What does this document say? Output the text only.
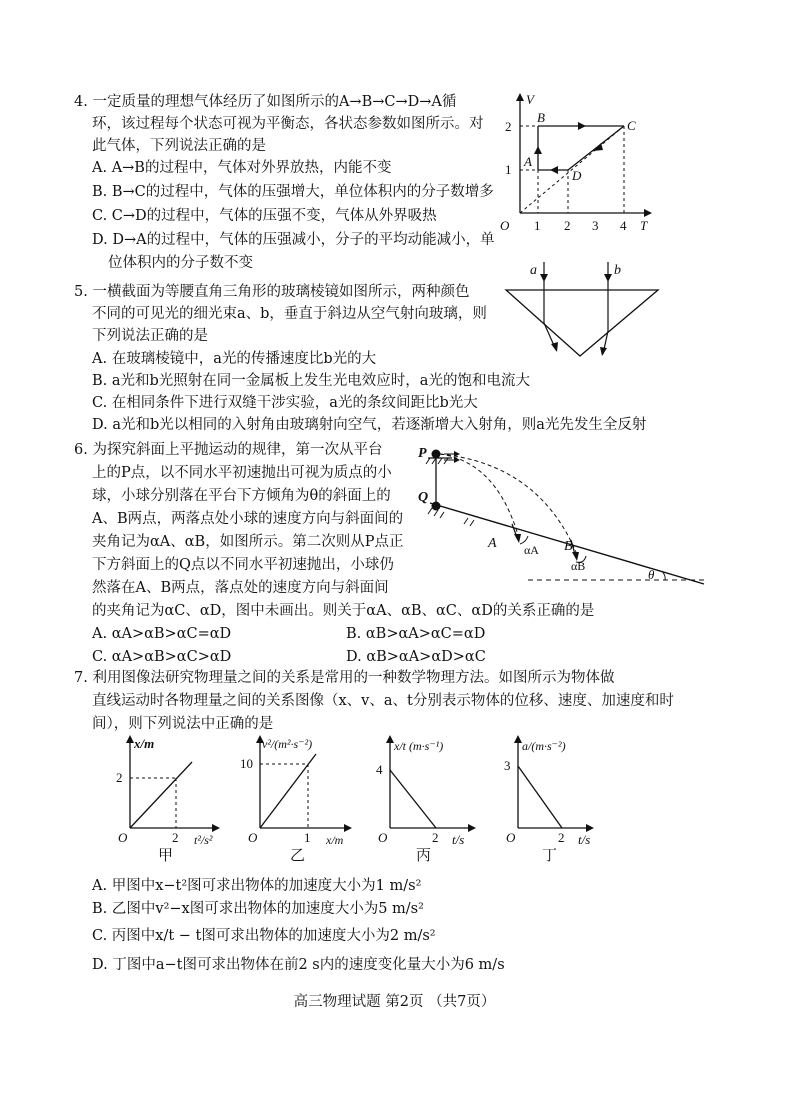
4. 一定质量的理想气体经历了如图所示的A→B→C→D→A循
环，该过程每个状态可视为平衡态，各状态参数如图所示。对
此气体，下列说法正确的是
A. A→B的过程中，气体对外界放热，内能不变
B. B→C的过程中，气体的压强增大，单位体积内的分子数增多
C. C→D的过程中，气体的压强不变，气体从外界吸热
D. D→A的过程中，气体的压强减小，分子的平均动能减小，单
位体积内的分子数不变
V
T
O
1
2
1 2 3 4
A
B
C
D
5. 一横截面为等腰直角三角形的玻璃棱镜如图所示，两种颜色
不同的可见光的细光束a、b，垂直于斜边从空气射向玻璃，则
下列说法正确的是
A. 在玻璃棱镜中，a光的传播速度比b光的大
B. a光和b光照射在同一金属板上发生光电效应时，a光的饱和电流大
C. 在相同条件下进行双缝干涉实验，a光的条纹间距比b光大
D. a光和b光以相同的入射角由玻璃射向空气，若逐渐增大入射角，则a光先发生全反射
a	b
6. 为探究斜面上平抛运动的规律，第一次从平台
上的P点，以不同水平初速抛出可视为质点的小
球，小球分别落在平台下方倾角为θ的斜面上的
A、B两点，两落点处小球的速度方向与斜面间的
夹角记为αA、αB，如图所示。第二次则从P点正
下方斜面上的Q点以不同水平初速抛出，小球仍
然落在A、B两点，落点处的速度方向与斜面间
的夹角记为αC、αD，图中未画出。则关于αA、αB、αC、αD的关系正确的是
A. αA>αB>αC=αD	B. αB>αA>αC=αD
C. αA>αB>αC>αD	D. αB>αA>αD>αC
P
Q
A	B
αA
αB
θ
7. 利用图像法研究物理量之间的关系是常用的一种数学物理方法。如图所示为物体做
直线运动时各物理量之间的关系图像（x、v、a、t分别表示物体的位移、速度、加速度和时
间），则下列说法中正确的是
x/m
t²/s²
O
2
2
甲
v²/(m²·s⁻²)
x/m
O
10
1
乙
x/t (m·s⁻¹)
t/s
O
4
2
丙
a/(m·s⁻²)
t/s
O
3
2
丁
A. 甲图中x−t²图可求出物体的加速度大小为1 m/s²
B. 乙图中v²−x图可求出物体的加速度大小为5 m/s²
C. 丙图中x/t − t图可求出物体的加速度大小为2 m/s²
D. 丁图中a−t图可求出物体在前2 s内的速度变化量大小为6 m/s
高三物理试题 第2页 （共7页）
